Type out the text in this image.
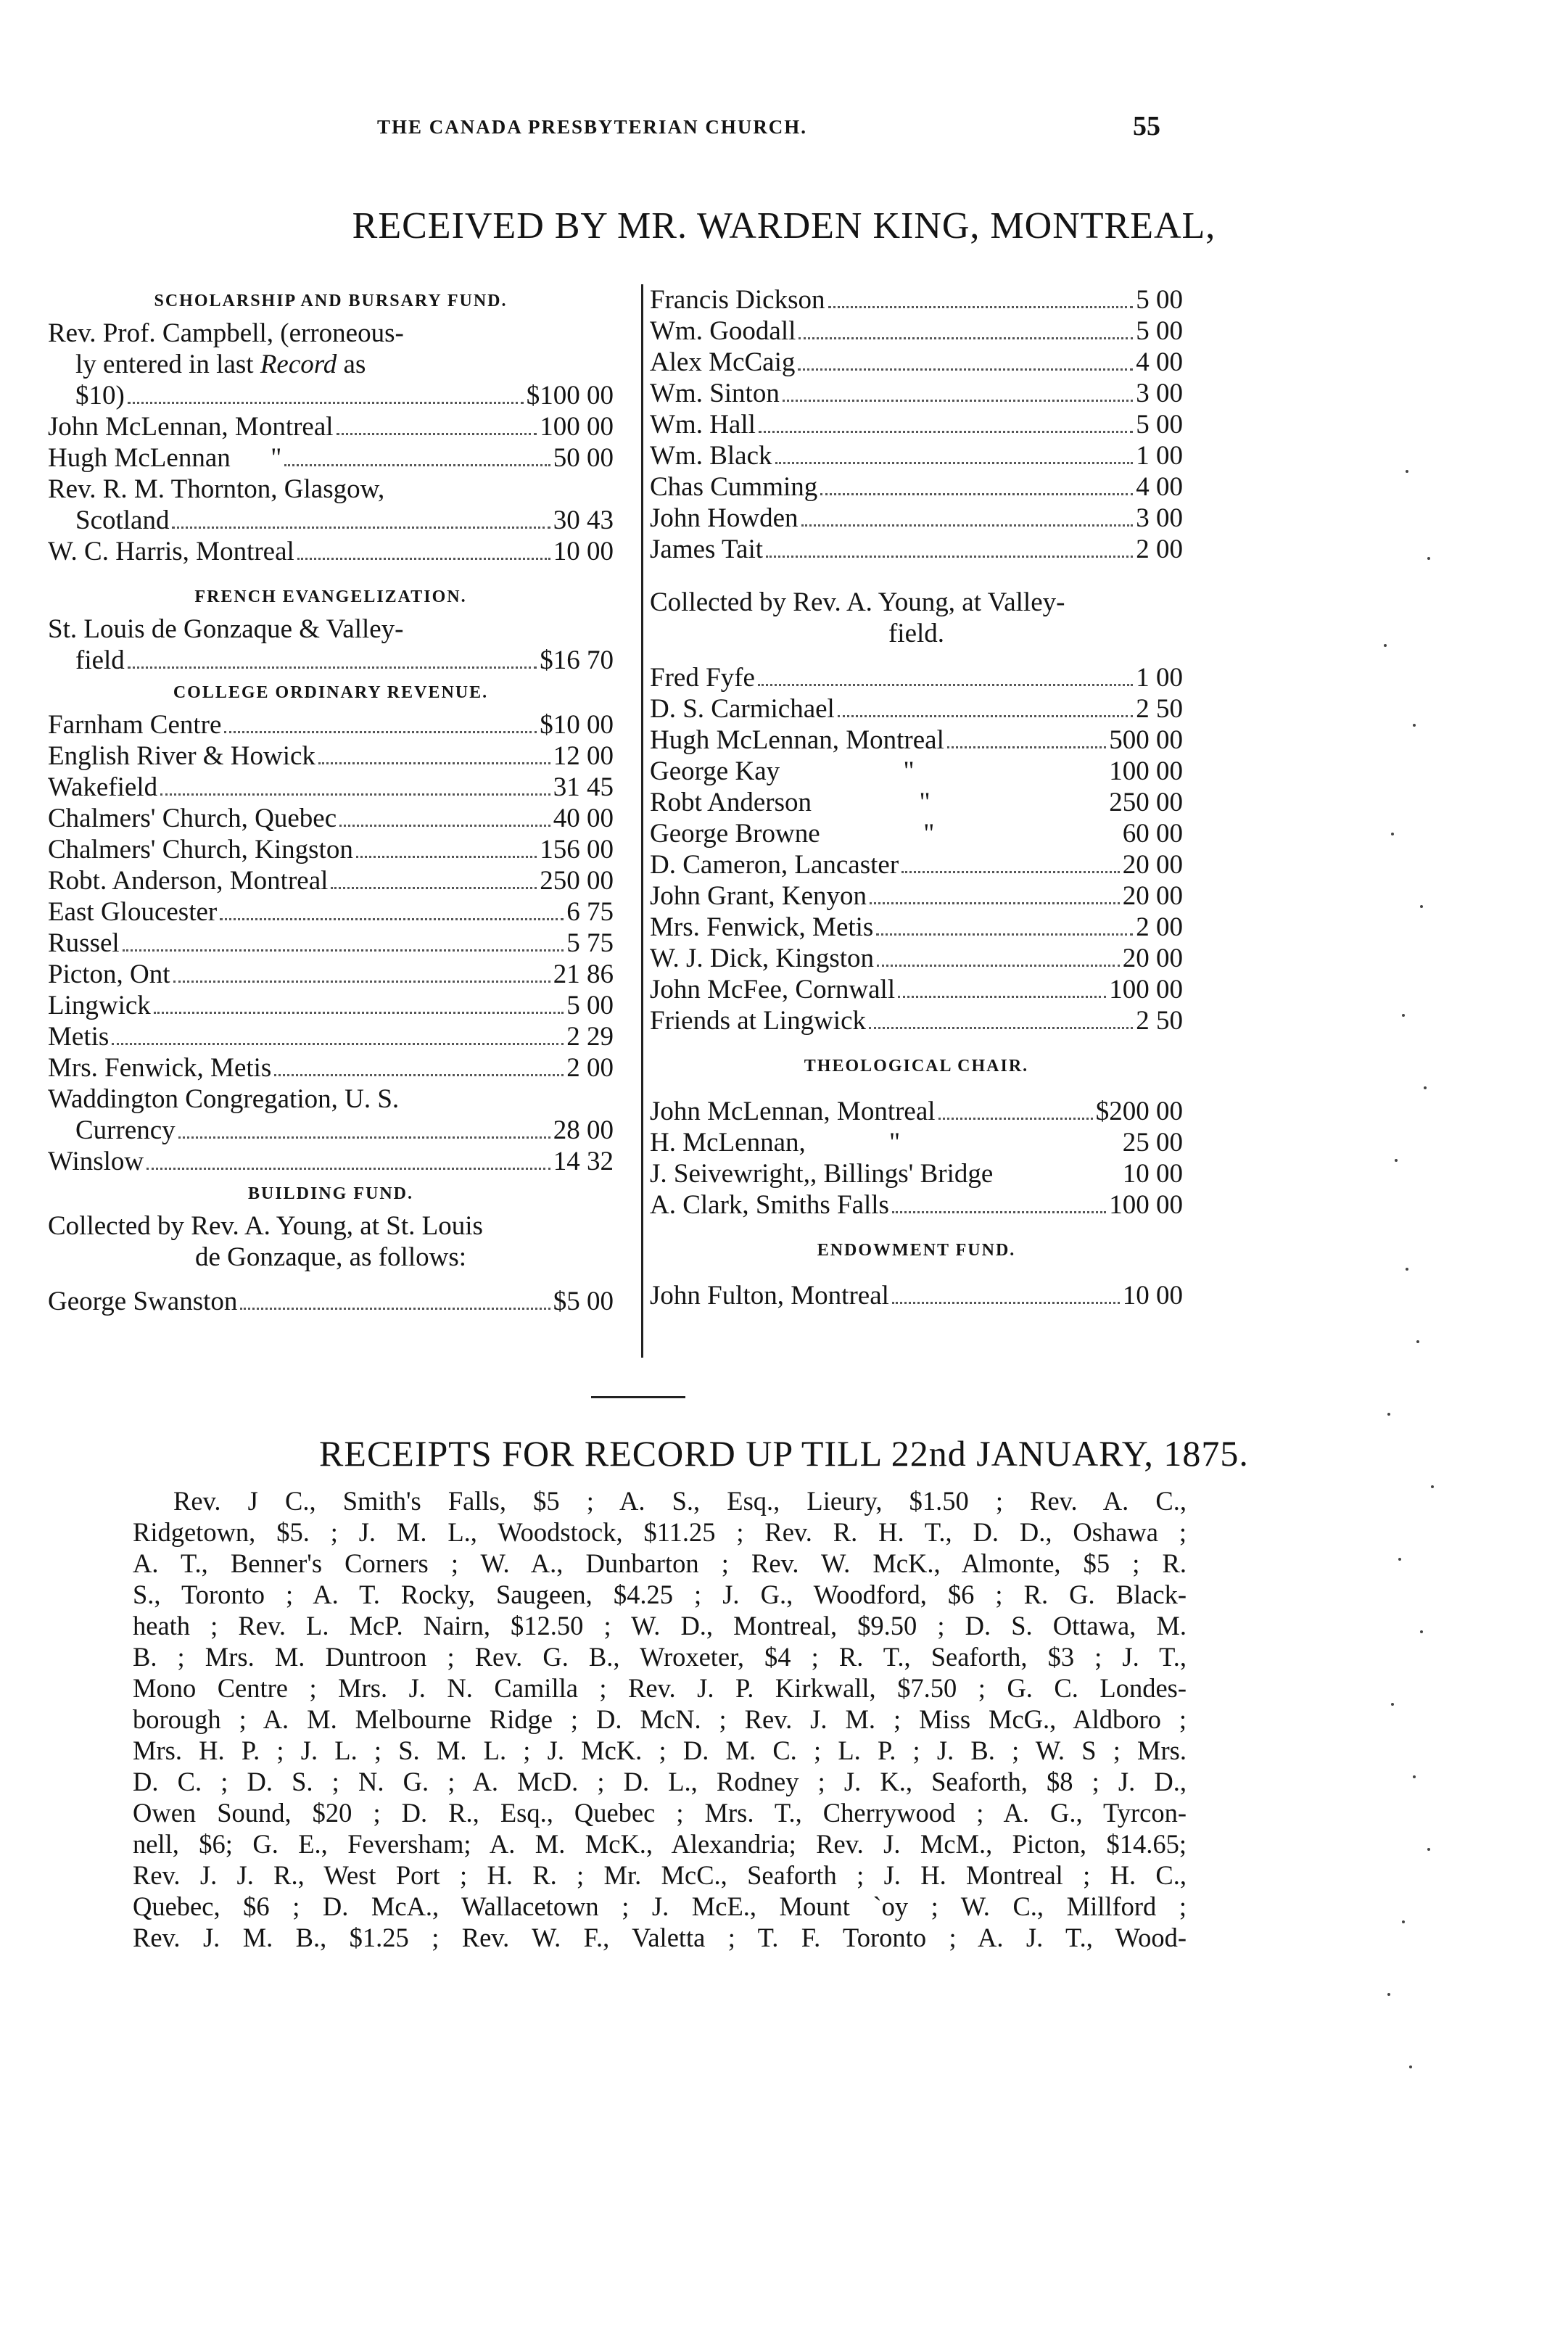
THE CANADA PRESBYTERIAN CHURCH.	55
RECEIVED BY MR. WARDEN KING, MONTREAL,
SCHOLARSHIP AND BURSARY FUND.
Rev. Prof. Campbell, (erroneous-
ly entered in last Record as
$10)	$100 00
John McLennan, Montreal	100 00
Hugh McLennan      "	50 00
Rev. R. M. Thornton, Glasgow,
Scotland	30 43
W. C. Harris, Montreal	10 00
FRENCH EVANGELIZATION.
St. Louis de Gonzaque & Valley-
field	$16 70
COLLEGE ORDINARY REVENUE.
Farnham Centre	$10 00
English River & Howick	12 00
Wakefield	31 45
Chalmers' Church, Quebec	40 00
Chalmers' Church, Kingston	156 00
Robt. Anderson, Montreal	250 00
East Gloucester	6 75
Russel	5 75
Picton, Ont	21 86
Lingwick	5 00
Metis	2 29
Mrs. Fenwick, Metis	2 00
Waddington Congregation, U. S.
Currency	28 00
Winslow	14 32
BUILDING FUND.
Collected by Rev. A. Young, at St. Louis
de Gonzaque, as follows:
George Swanston	$5 00
Francis Dickson	5 00
Wm. Goodall	5 00
Alex McCaig	4 00
Wm. Sinton	3 00
Wm. Hall	5 00
Wm. Black	1 00
Chas Cumming	4 00
John Howden	3 00
James Tait	2 00
Collected by Rev. A. Young, at Valley-
field.
Fred Fyfe	1 00
D. S. Carmichael	2 50
Hugh McLennan, Montreal	500 00
George Kay	"	100 00
Robt Anderson	"	250 00
George Browne	"	60 00
D. Cameron, Lancaster	20 00
John Grant, Kenyon	20 00
Mrs. Fenwick, Metis	2 00
W. J. Dick, Kingston	20 00
John McFee, Cornwall	100 00
Friends at Lingwick	2 50
THEOLOGICAL CHAIR.
John McLennan, Montreal	$200 00
H. McLennan,	"	25 00
J. Seivewright,, Billings' Bridge	10 00
A. Clark, Smiths Falls	100 00
ENDOWMENT FUND.
John Fulton, Montreal	10 00
RECEIPTS FOR RECORD UP TILL 22nd JANUARY, 1875.
Rev. J C., Smith's Falls, $5 ; A. S., Esq., Lieury, $1.50 ; Rev. A. C.,
Ridgetown, $5. ; J. M. L., Woodstock, $11.25 ; Rev. R. H. T., D. D., Oshawa ;
A. T., Benner's Corners ; W. A., Dunbarton ; Rev. W. McK., Almonte, $5 ; R.
S., Toronto ; A. T. Rocky, Saugeen, $4.25 ; J. G., Woodford, $6 ; R. G. Black-
heath ; Rev. L. McP. Nairn, $12.50 ; W. D., Montreal, $9.50 ; D. S. Ottawa, M.
B. ; Mrs. M. Duntroon ; Rev. G. B., Wroxeter, $4 ; R. T., Seaforth, $3 ; J. T.,
Mono Centre ; Mrs. J. N. Camilla ; Rev. J. P. Kirkwall, $7.50 ; G. C. Londes-
borough ; A. M. Melbourne Ridge ; D. McN. ; Rev. J. M. ; Miss McG., Aldboro ;
Mrs. H. P. ; J. L. ; S. M. L. ; J. McK. ; D. M. C. ; L. P. ; J. B. ; W. S ; Mrs.
D. C. ; D. S. ; N. G. ; A. McD. ; D. L., Rodney ; J. K., Seaforth, $8 ; J. D.,
Owen Sound, $20 ; D. R., Esq., Quebec ; Mrs. T., Cherrywood ; A. G., Tyrcon-
nell, $6; G. E., Feversham; A. M. McK., Alexandria; Rev. J. McM., Picton, $14.65;
Rev. J. J. R., West Port ; H. R. ; Mr. McC., Seaforth ; J. H. Montreal ; H. C.,
Quebec, $6 ; D. McA., Wallacetown ; J. McE., Mount `oy ; W. C., Millford ;
Rev. J. M. B., $1.25 ; Rev. W. F., Valetta ; T. F. Toronto ; A. J. T., Wood-
